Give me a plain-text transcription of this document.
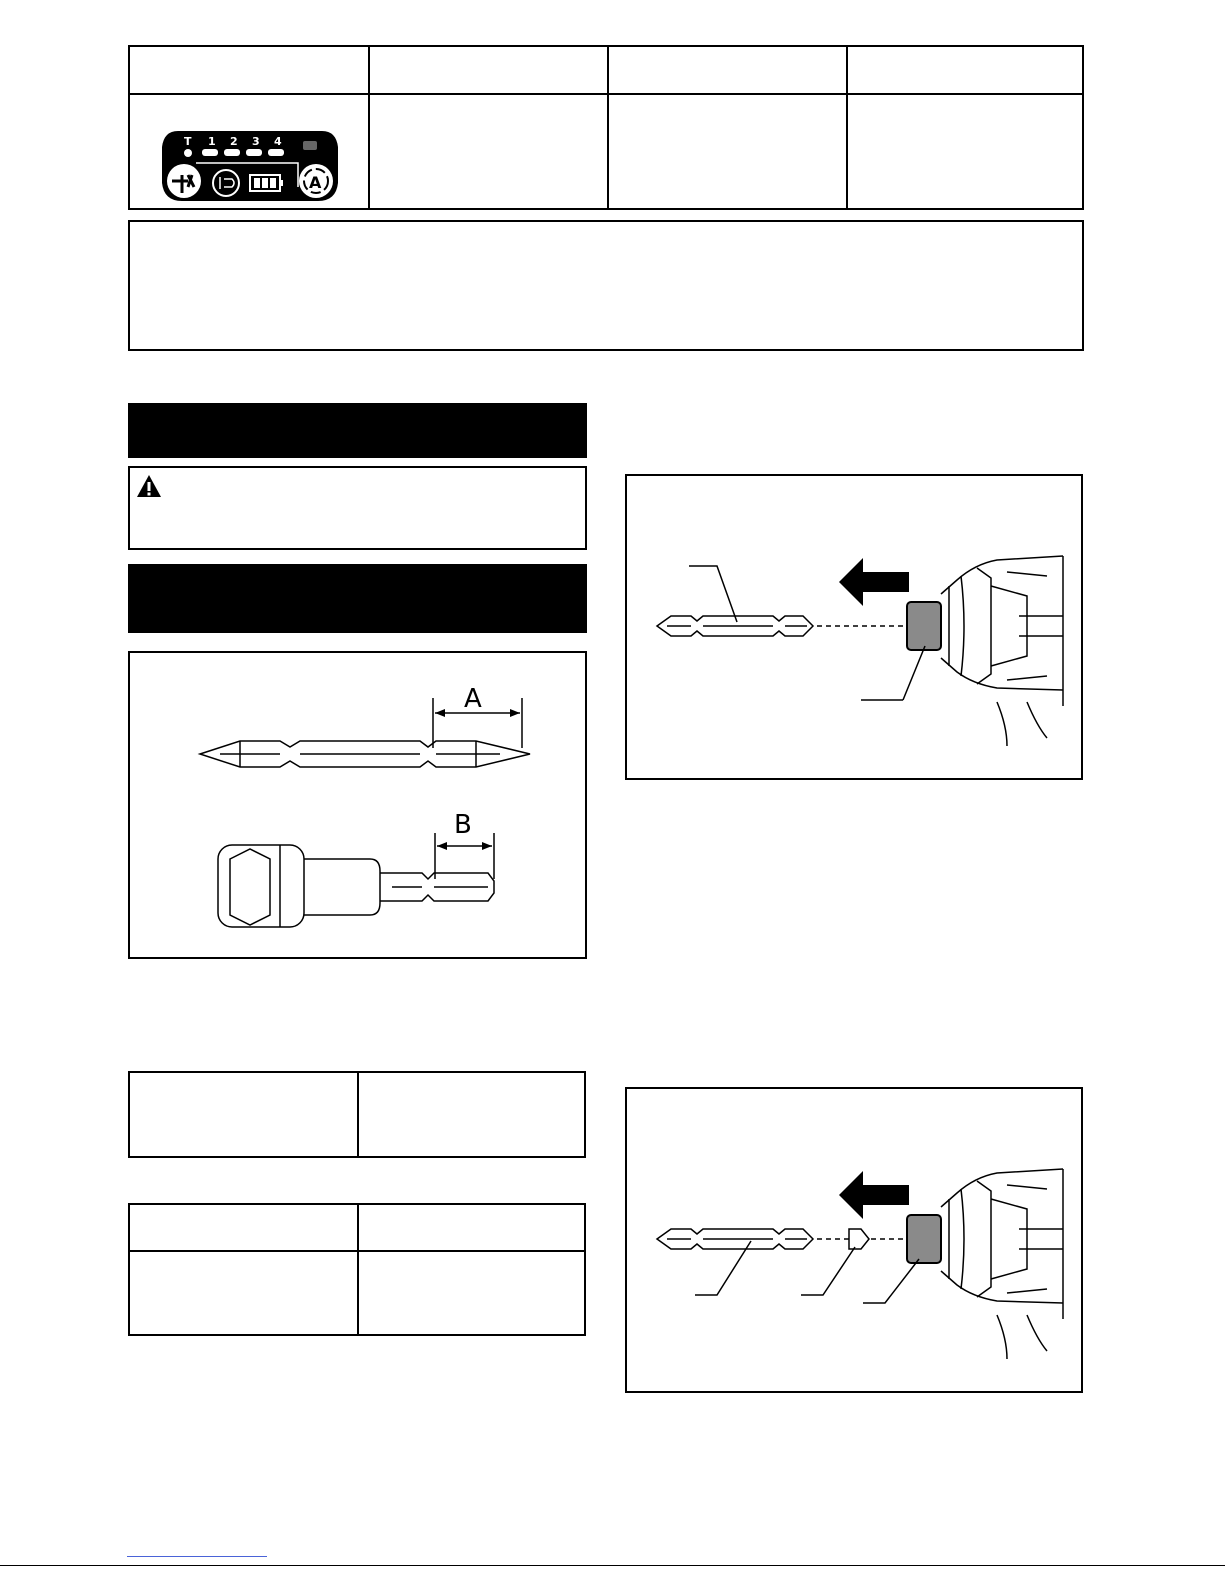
T 1 2 3 4
A
A
B
